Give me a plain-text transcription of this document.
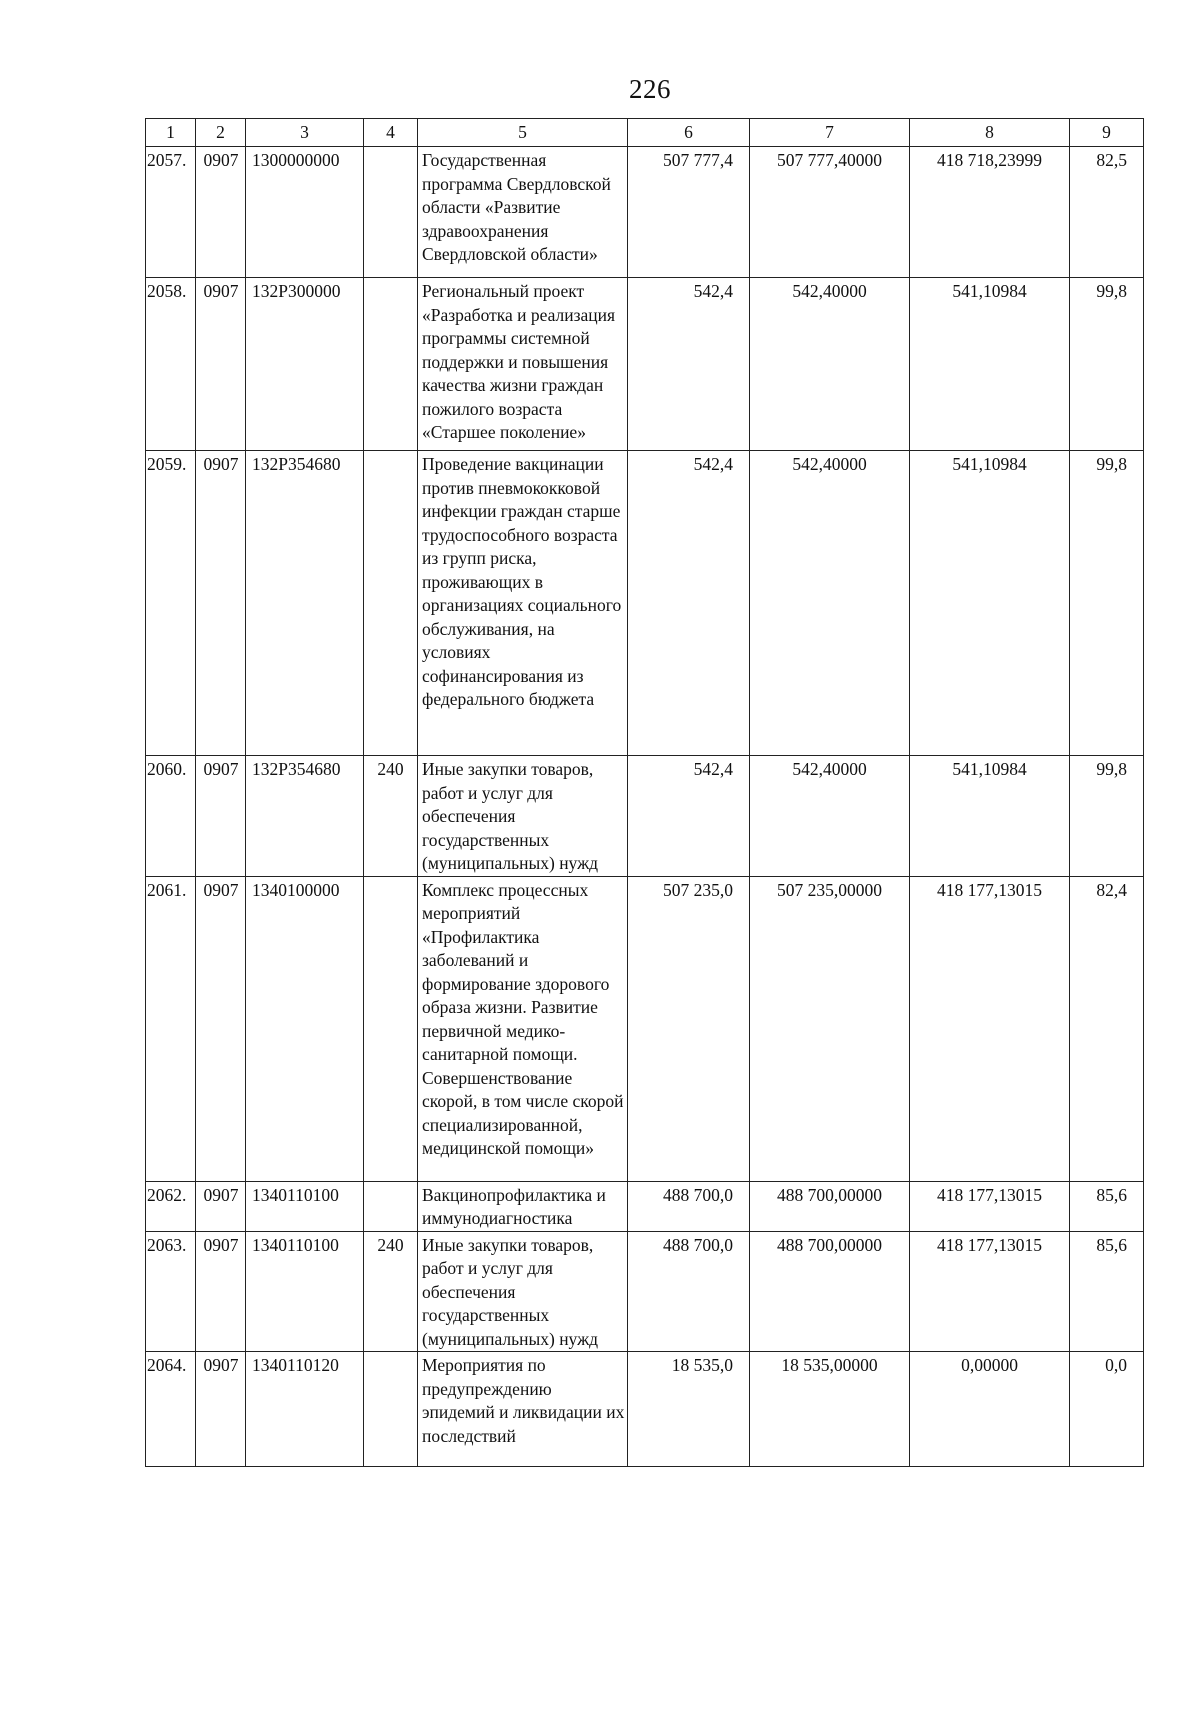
226
1	2	3	4	5	6	7	8	9
2057.	0907	1300000000		Государственная программа Свердловской области «Развитие здравоохранения Свердловской области»	507 777,4	507 777,40000	418 718,23999	82,5
2058.	0907	132Р300000		Региональный проект «Разработка и реализация программы системной поддержки и повышения качества жизни граждан пожилого возраста «Старшее поколение»	542,4	542,40000	541,10984	99,8
2059.	0907	132Р354680		Проведение вакцинации против пневмококковой инфекции граждан старше трудоспособного возраста из групп риска, проживающих в организациях социального обслуживания, на условиях софинансирования из федерального бюджета	542,4	542,40000	541,10984	99,8
2060.	0907	132Р354680	240	Иные закупки товаров, работ и услуг для обеспечения государственных (муниципальных) нужд	542,4	542,40000	541,10984	99,8
2061.	0907	1340100000		Комплекс процессных мероприятий «Профилактика заболеваний и формирование здорового образа жизни. Развитие первичной медико-санитарной помощи. Совершенствование скорой, в том числе скорой специализированной, медицинской помощи»	507 235,0	507 235,00000	418 177,13015	82,4
2062.	0907	1340110100		Вакцинопрофилактика и иммунодиагностика	488 700,0	488 700,00000	418 177,13015	85,6
2063.	0907	1340110100	240	Иные закупки товаров, работ и услуг для обеспечения государственных (муниципальных) нужд	488 700,0	488 700,00000	418 177,13015	85,6
2064.	0907	1340110120		Мероприятия по предупреждению эпидемий и ликвидации их последствий	18 535,0	18 535,00000	0,00000	0,0
